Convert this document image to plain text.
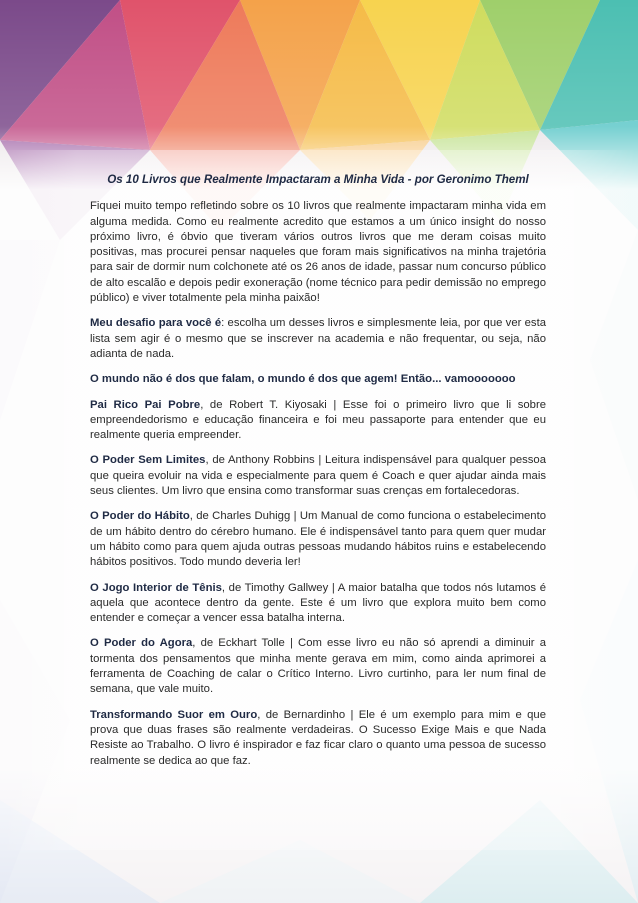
Os 10 Livros que Realmente Impactaram a Minha Vida - por Geronimo Theml

Fiquei muito tempo refletindo sobre os 10 livros que realmente impactaram minha vida em alguma medida. Como eu realmente acredito que estamos a um único insight do nosso próximo livro, é óbvio que tiveram vários outros livros que me deram coisas muito positivas, mas procurei pensar naqueles que foram mais significativos na minha trajetória para sair de dormir num colchonete até os 26 anos de idade, passar num concurso público de alto escalão e depois pedir exoneração (nome técnico para pedir demissão no emprego público) e viver totalmente pela minha paixão!

Meu desafio para você é: escolha um desses livros e simplesmente leia, por que ver esta lista sem agir é o mesmo que se inscrever na academia e não frequentar, ou seja, não adianta de nada.

O mundo não é dos que falam, o mundo é dos que agem! Então... vamooooooo

Pai Rico Pai Pobre, de Robert T. Kiyosaki | Esse foi o primeiro livro que li sobre empreendedorismo e educação financeira e foi meu passaporte para entender que eu realmente queria empreender.

O Poder Sem Limites, de Anthony Robbins | Leitura indispensável para qualquer pessoa que queira evoluir na vida e especialmente para quem é Coach e quer ajudar ainda mais seus clientes. Um livro que ensina como transformar suas crenças em fortalecedoras.

O Poder do Hábito, de Charles Duhigg | Um Manual de como funciona o estabelecimento de um hábito dentro do cérebro humano. Ele é indispensável tanto para quem quer mudar um hábito como para quem ajuda outras pessoas mudando hábitos ruins e estabelecendo hábitos positivos. Todo mundo deveria ler!

O Jogo Interior de Tênis, de Timothy Gallwey | A maior batalha que todos nós lutamos é aquela que acontece dentro da gente. Este é um livro que explora muito bem como entender e começar a vencer essa batalha interna.

O Poder do Agora, de Eckhart Tolle | Com esse livro eu não só aprendi a diminuir a tormenta dos pensamentos que minha mente gerava em mim, como ainda aprimorei a ferramenta de Coaching de calar o Crítico Interno. Livro curtinho, para ler num final de semana, que vale muito.

Transformando Suor em Ouro, de Bernardinho | Ele é um exemplo para mim e que prova que duas frases são realmente verdadeiras. O Sucesso Exige Mais e que Nada Resiste ao Trabalho. O livro é inspirador e faz ficar claro o quanto uma pessoa de sucesso realmente se dedica ao que faz.
